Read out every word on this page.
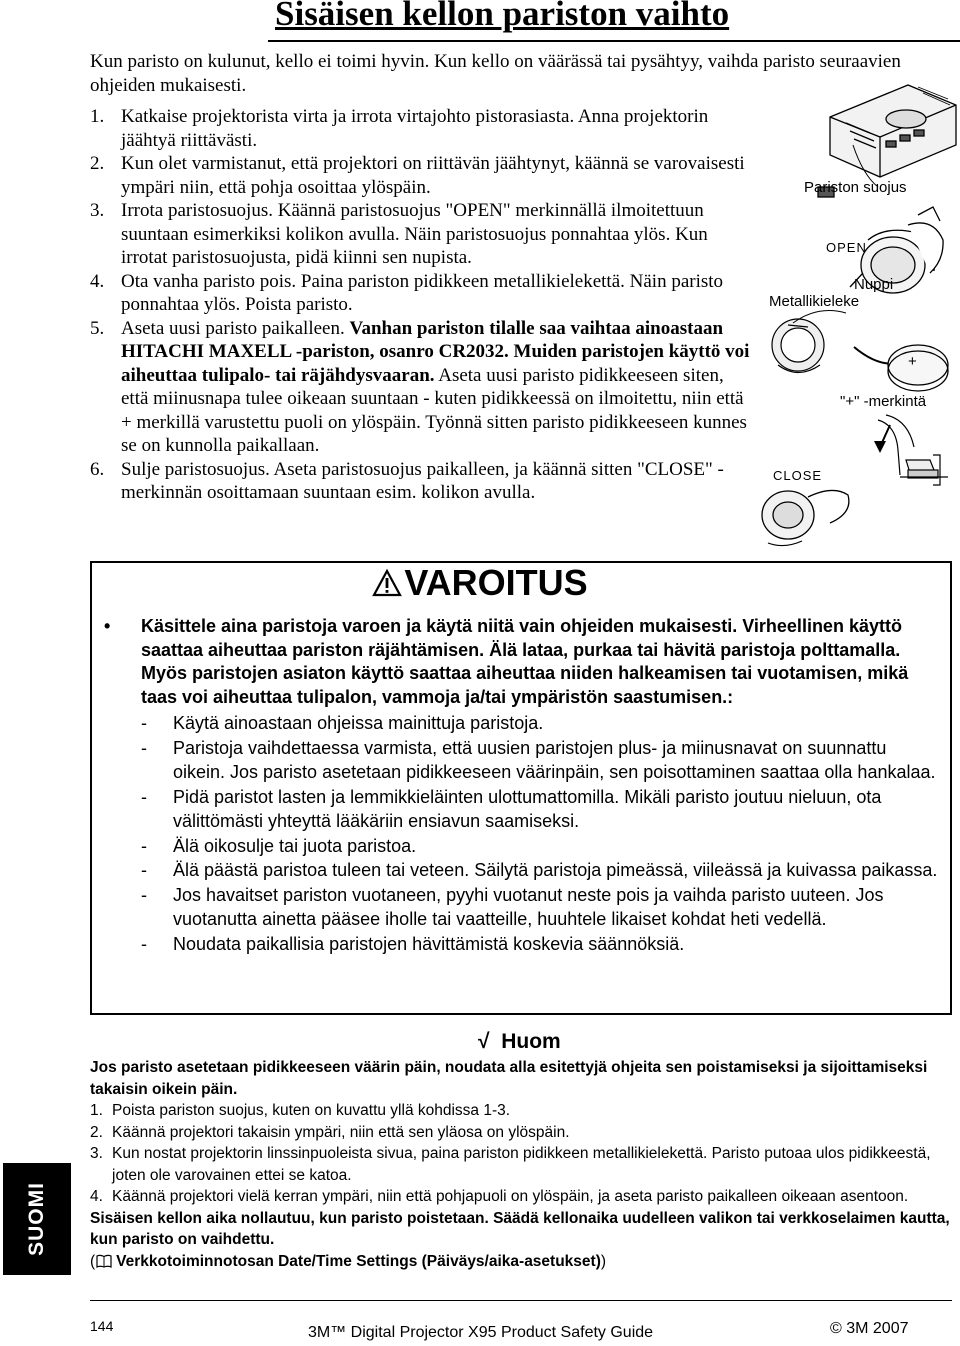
Sisäisen kellon pariston vaihto
Kun paristo on kulunut, kello ei toimi hyvin. Kun kello on väärässä tai pysähtyy, vaihda paristo seuraavien ohjeiden mukaisesti.
1. Katkaise projektorista virta ja irrota virtajohto pistorasiasta. Anna projektorin jäähtyä riittävästi.
2. Kun olet varmistanut, että projektori on riittävän jäähtynyt, käännä se varovaisesti ympäri niin, että pohja osoittaa ylöspäin.
3. Irrota paristosuojus. Käännä paristosuojus "OPEN" merkinnällä ilmoitettuun suuntaan esimerkiksi kolikon avulla. Näin paristosuojus ponnahtaa ylös. Kun irrotat paristosuojusta, pidä kiinni sen nupista.
4. Ota vanha paristo pois. Paina pariston pidikkeen metallikielekettä. Näin paristo ponnahtaa ylös. Poista paristo.
5. Aseta uusi paristo paikalleen. Vanhan pariston tilalle saa vaihtaa ainoastaan HITACHI MAXELL -pariston, osanro CR2032. Muiden paristojen käyttö voi aiheuttaa tulipalo- tai räjähdysvaaran. Aseta uusi paristo pidikkeeseen siten, että miinusnapa tulee oikeaan suuntaan - kuten pidikkeessä on ilmoitettu, niin että + merkillä varustettu puoli on ylöspäin. Työnnä sitten paristo pidikkeeseen kunnes se on kunnolla paikallaan.
6. Sulje paristosuojus. Aseta paristosuojus paikalleen, ja käännä sitten "CLOSE" -merkinnän osoittamaan suuntaan esim. kolikon avulla.
Pariston suojus
OPEN
Nuppi
Metallikieleke
+
"+" -merkintä
CLOSE
VAROITUS
• Käsittele aina paristoja varoen ja käytä niitä vain ohjeiden mukaisesti. Virheellinen käyttö saattaa aiheuttaa pariston räjähtämisen. Älä lataa, purkaa tai hävitä paristoja polttamalla. Myös paristojen asiaton käyttö saattaa aiheuttaa niiden halkeamisen tai vuotamisen, mikä taas voi aiheuttaa tulipalon, vammoja ja/tai ympäristön saastumisen.:
-	Käytä ainoastaan ohjeissa mainittuja paristoja.
-	Paristoja vaihdettaessa varmista, että uusien paristojen plus- ja miinusnavat on suunnattu oikein. Jos paristo asetetaan pidikkeeseen väärinpäin, sen poisottaminen saattaa olla hankalaa.
-	Pidä paristot lasten ja lemmikkieläinten ulottumattomilla. Mikäli paristo joutuu nieluun, ota välittömästi yhteyttä lääkäriin ensiavun saamiseksi.
-	Älä oikosulje tai juota paristoa.
-	Älä päästä paristoa tuleen tai veteen. Säilytä paristoja pimeässä, viileässä ja kuivassa paikassa.
-	Jos havaitset pariston vuotaneen, pyyhi vuotanut neste pois ja vaihda paristo uuteen. Jos vuotanutta ainetta pääsee iholle tai vaatteille, huuhtele likaiset kohdat heti vedellä.
-	Noudata paikallisia paristojen hävittämistä koskevia säännöksiä.
√ Huom
Jos paristo asetetaan pidikkeeseen väärin päin, noudata alla esitettyjä ohjeita sen poistamiseksi ja sijoittamiseksi takaisin oikein päin.
1. Poista pariston suojus, kuten on kuvattu yllä kohdissa 1-3.
2. Käännä projektori takaisin ympäri, niin että sen yläosa on ylöspäin.
3. Kun nostat projektorin linssinpuoleista sivua, paina pariston pidikkeen metallikielekettä. Paristo putoaa ulos pidikkeestä, joten ole varovainen ettei se katoa.
4. Käännä projektori vielä kerran ympäri, niin että pohjapuoli on ylöspäin, ja aseta paristo paikalleen oikeaan asentoon.
Sisäisen kellon aika nollautuu, kun paristo poistetaan. Säädä kellonaika uudelleen valikon tai verkkoselaimen kautta, kun paristo on vaihdettu.
( Verkkotoiminnotosan Date/Time Settings (Päiväys/aika-asetukset))
SUOMI
144	3M™ Digital Projector X95 Product Safety Guide	© 3M 2007
